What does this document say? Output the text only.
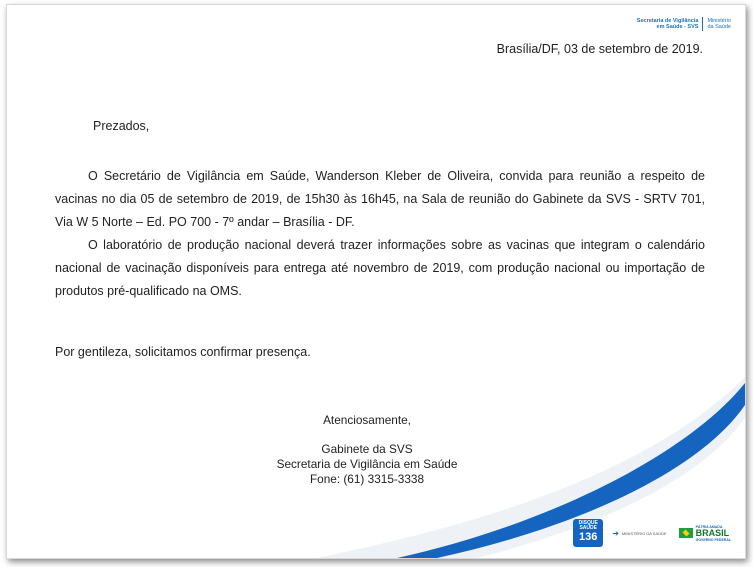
Secretaria de Vigilância
em Saúde - SVS
Ministério
da Saúde
Brasília/DF, 03 de setembro de 2019.
Prezados,

O Secretário de Vigilância em Saúde, Wanderson Kleber de Oliveira, convida para reunião a respeito de vacinas no dia 05 de setembro de 2019, de 15h30 às 16h45, na Sala de reunião do Gabinete da SVS - SRTV 701, Via W 5 Norte – Ed. PO 700 - 7º andar – Brasília - DF.

O laboratório de produção nacional deverá trazer informações sobre as vacinas que integram o calendário nacional de vacinação disponíveis para entrega até novembro de 2019, com produção nacional ou importação de produtos pré-qualificado na OMS.

Por gentileza, solicitamos confirmar presença.
Atenciosamente,
Gabinete da SVS
Secretaria de Vigilância em Saúde
Fone: (61) 3315-3338
DISQUE
SAÚDE
136	➔ MINISTÉRIO DA SAÚDE
PÁTRIA AMADA
BRASIL
GOVERNO FEDERAL
